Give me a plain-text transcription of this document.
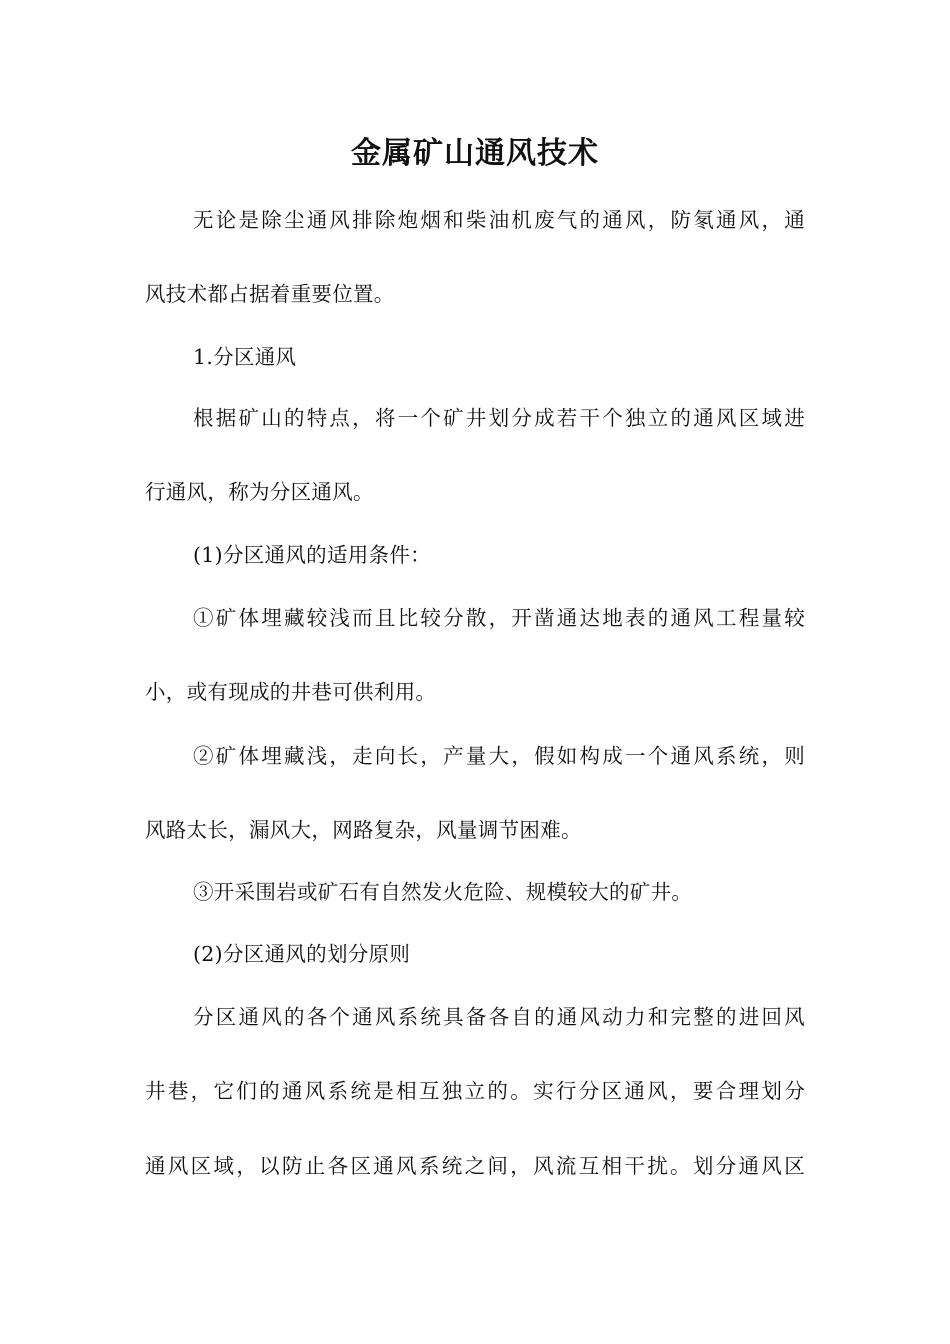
金属矿山通风技术
无论是除尘通风排除炮烟和柴油机废气的通风，防氡通风，通
风技术都占据着重要位置。
1.分区通风
根据矿山的特点，将一个矿井划分成若干个独立的通风区域进
行通风，称为分区通风。
(1)分区通风的适用条件：
①矿体埋藏较浅而且比较分散，开凿通达地表的通风工程量较
小，或有现成的井巷可供利用。
②矿体埋藏浅，走向长，产量大，假如构成一个通风系统，则
风路太长，漏风大，网路复杂，风量调节困难。
③开采围岩或矿石有自然发火危险、规模较大的矿井。
(2)分区通风的划分原则
分区通风的各个通风系统具备各自的通风动力和完整的进回风
井巷，它们的通风系统是相互独立的。实行分区通风，要合理划分
通风区域，以防止各区通风系统之间，风流互相干扰。划分通风区
